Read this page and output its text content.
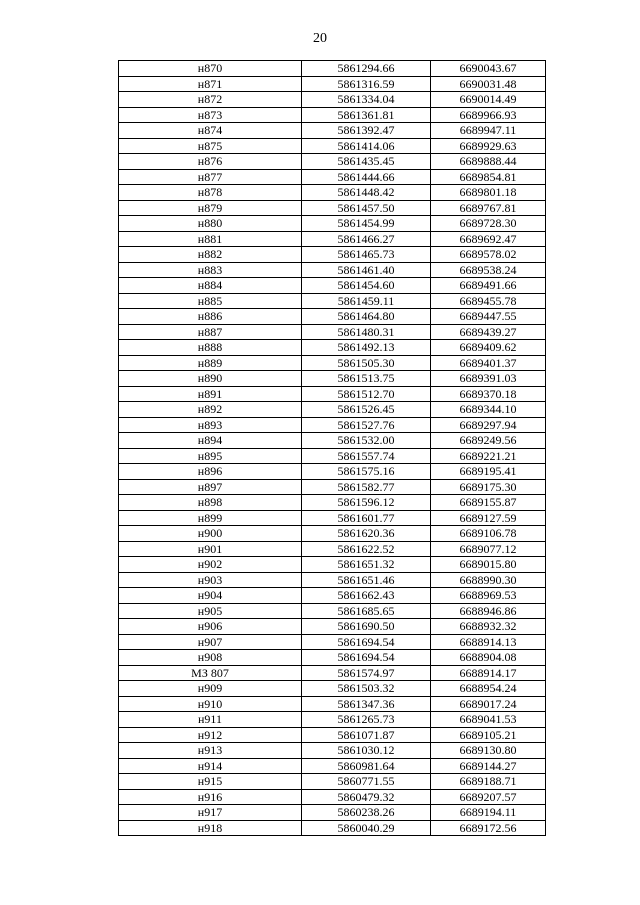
20
н870	5861294.66	6690043.67
н871	5861316.59	6690031.48
н872	5861334.04	6690014.49
н873	5861361.81	6689966.93
н874	5861392.47	6689947.11
н875	5861414.06	6689929.63
н876	5861435.45	6689888.44
н877	5861444.66	6689854.81
н878	5861448.42	6689801.18
н879	5861457.50	6689767.81
н880	5861454.99	6689728.30
н881	5861466.27	6689692.47
н882	5861465.73	6689578.02
н883	5861461.40	6689538.24
н884	5861454.60	6689491.66
н885	5861459.11	6689455.78
н886	5861464.80	6689447.55
н887	5861480.31	6689439.27
н888	5861492.13	6689409.62
н889	5861505.30	6689401.37
н890	5861513.75	6689391.03
н891	5861512.70	6689370.18
н892	5861526.45	6689344.10
н893	5861527.76	6689297.94
н894	5861532.00	6689249.56
н895	5861557.74	6689221.21
н896	5861575.16	6689195.41
н897	5861582.77	6689175.30
н898	5861596.12	6689155.87
н899	5861601.77	6689127.59
н900	5861620.36	6689106.78
н901	5861622.52	6689077.12
н902	5861651.32	6689015.80
н903	5861651.46	6688990.30
н904	5861662.43	6688969.53
н905	5861685.65	6688946.86
н906	5861690.50	6688932.32
н907	5861694.54	6688914.13
н908	5861694.54	6688904.08
МЗ 807	5861574.97	6688914.17
н909	5861503.32	6688954.24
н910	5861347.36	6689017.24
н911	5861265.73	6689041.53
н912	5861071.87	6689105.21
н913	5861030.12	6689130.80
н914	5860981.64	6689144.27
н915	5860771.55	6689188.71
н916	5860479.32	6689207.57
н917	5860238.26	6689194.11
н918	5860040.29	6689172.56
